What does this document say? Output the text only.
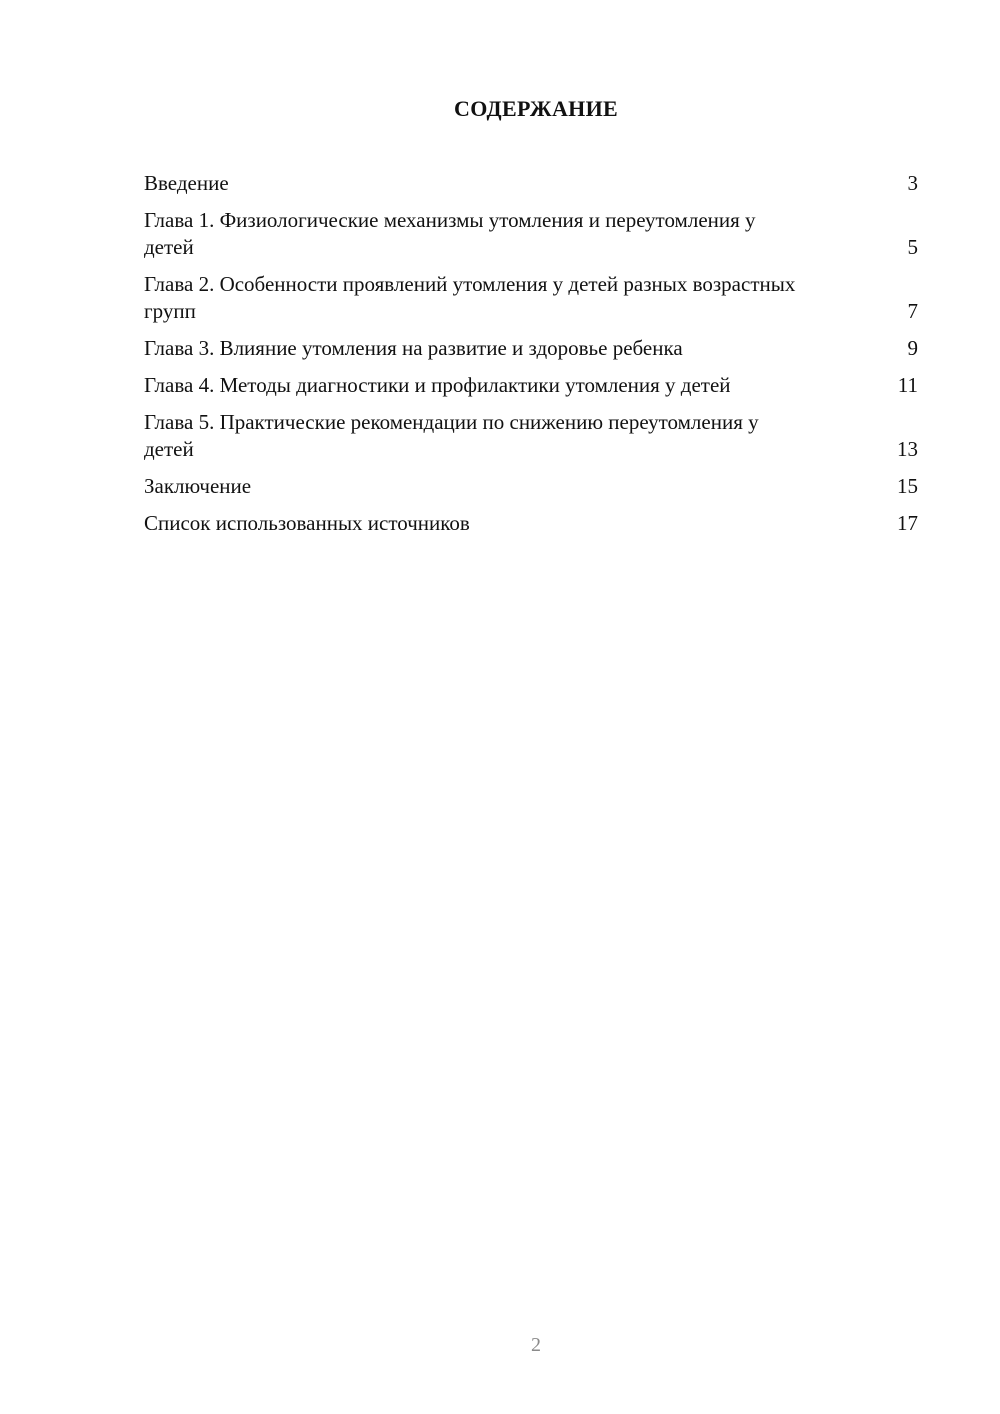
СОДЕРЖАНИЕ
Введение	3
Глава 1. Физиологические механизмы утомления и переутомления у детей	5
Глава 2. Особенности проявлений утомления у детей разных возрастных групп	7
Глава 3. Влияние утомления на развитие и здоровье ребенка	9
Глава 4. Методы диагностики и профилактики утомления у детей	11
Глава 5. Практические рекомендации по снижению переутомления у детей	13
Заключение	15
Список использованных источников	17
2
